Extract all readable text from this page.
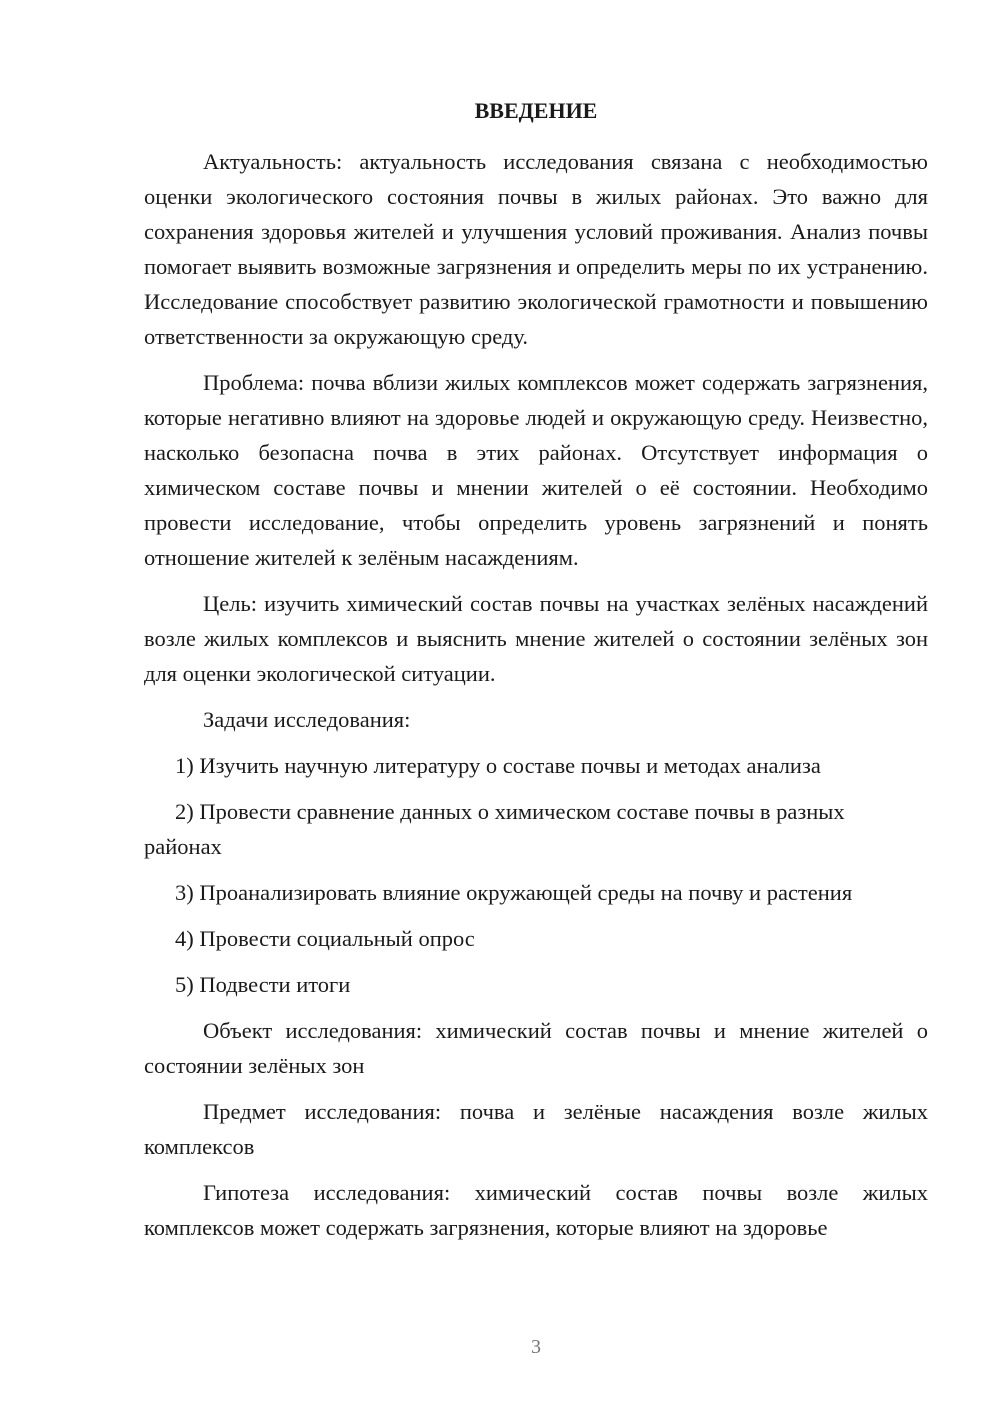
ВВЕДЕНИЕ

Актуальность: актуальность исследования связана с необходимостью оценки экологического состояния почвы в жилых районах. Это важно для сохранения здоровья жителей и улучшения условий проживания. Анализ почвы помогает выявить возможные загрязнения и определить меры по их устранению. Исследование способствует развитию экологической грамотности и повышению ответственности за окружающую среду.

Проблема: почва вблизи жилых комплексов может содержать загрязнения, которые негативно влияют на здоровье людей и окружающую среду. Неизвестно, насколько безопасна почва в этих районах. Отсутствует информация о химическом составе почвы и мнении жителей о её состоянии. Необходимо провести исследование, чтобы определить уровень загрязнений и понять отношение жителей к зелёным насаждениям.

Цель: изучить химический состав почвы на участках зелёных насаждений возле жилых комплексов и выяснить мнение жителей о состоянии зелёных зон для оценки экологической ситуации.

Задачи исследования:

1) Изучить научную литературу о составе почвы и методах анализа

2) Провести сравнение данных о химическом составе почвы в разных районах

3) Проанализировать влияние окружающей среды на почву и растения

4) Провести социальный опрос

5) Подвести итоги

Объект исследования: химический состав почвы и мнение жителей о состоянии зелёных зон

Предмет исследования: почва и зелёные насаждения возле жилых комплексов

Гипотеза исследования: химический состав почвы возле жилых комплексов может содержать загрязнения, которые влияют на здоровье

3
